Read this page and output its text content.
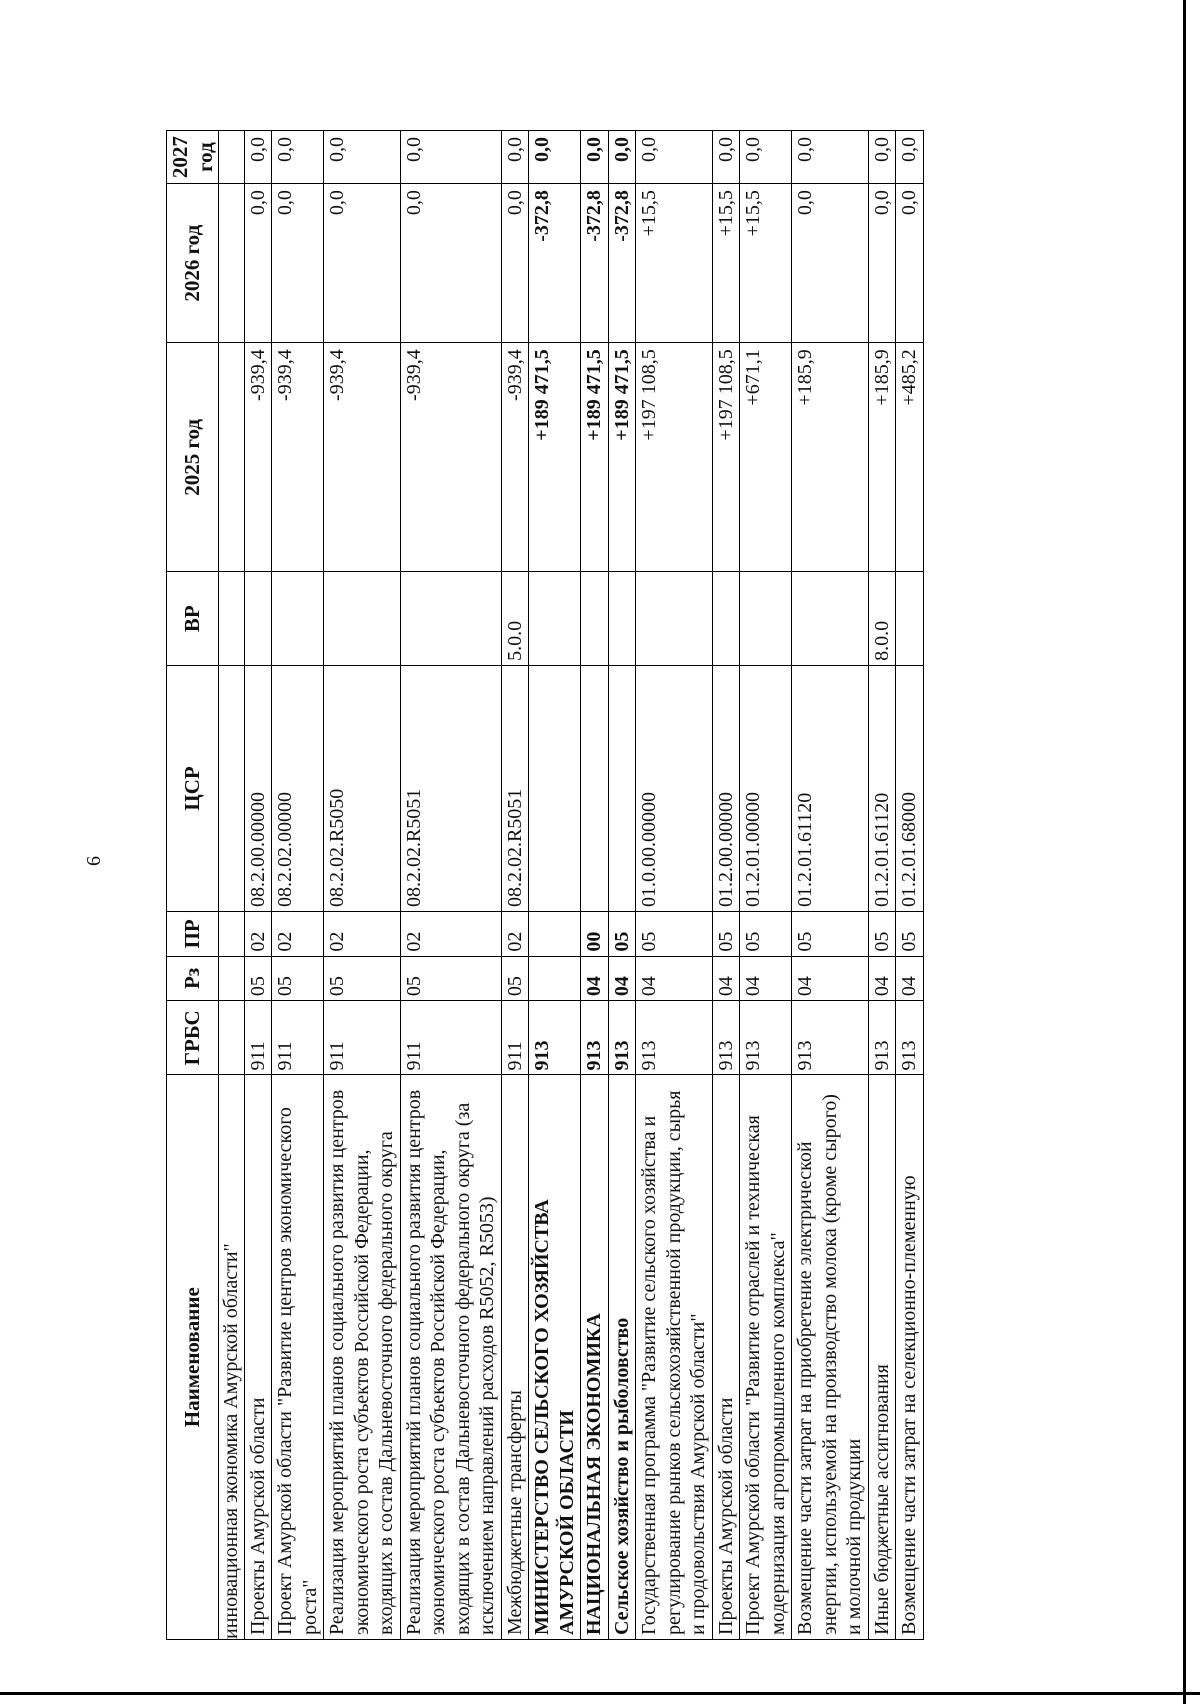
6
Наименование	ГРБС	Рз	ПР	ЦСР	ВР	2025 год	2026 год	2027 год
инновационная экономика Амурской области"								
Проекты Амурской области	911	05	02	08.2.00.00000		-939,4	0,0	0,0
Проект Амурской области "Развитие центров экономического роста"	911	05	02	08.2.02.00000		-939,4	0,0	0,0
Реализация мероприятий планов социального развития центров экономического роста субъектов Российской Федерации, входящих в состав Дальневосточного федерального округа	911	05	02	08.2.02.R5050		-939,4	0,0	0,0
Реализация мероприятий планов социального развития центров экономического роста субъектов Российской Федерации, входящих в состав Дальневосточного федерального округа (за исключением направлений расходов R5052, R5053)	911	05	02	08.2.02.R5051		-939,4	0,0	0,0
Межбюджетные трансферты	911	05	02	08.2.02.R5051	5.0.0	-939,4	0,0	0,0
МИНИСТЕРСТВО СЕЛЬСКОГО ХОЗЯЙСТВА АМУРСКОЙ ОБЛАСТИ	913					+189 471,5	-372,8	0,0
НАЦИОНАЛЬНАЯ ЭКОНОМИКА	913	04	00			+189 471,5	-372,8	0,0
Сельское хозяйство и рыболовство	913	04	05			+189 471,5	-372,8	0,0
Государственная программа "Развитие сельского хозяйства и регулирование рынков сельскохозяйственной продукции, сырья и продовольствия Амурской области"	913	04	05	01.0.00.00000		+197 108,5	+15,5	0,0
Проекты Амурской области	913	04	05	01.2.00.00000		+197 108,5	+15,5	0,0
Проект Амурской области "Развитие отраслей и техническая модернизация агропромышленного комплекса"	913	04	05	01.2.01.00000		+671,1	+15,5	0,0
Возмещение части затрат на приобретение электрической энергии, используемой на производство молока (кроме сырого) и молочной продукции	913	04	05	01.2.01.61120		+185,9	0,0	0,0
Иные бюджетные ассигнования	913	04	05	01.2.01.61120	8.0.0	+185,9	0,0	0,0
Возмещение части затрат на селекционно-племенную	913	04	05	01.2.01.68000		+485,2	0,0	0,0
